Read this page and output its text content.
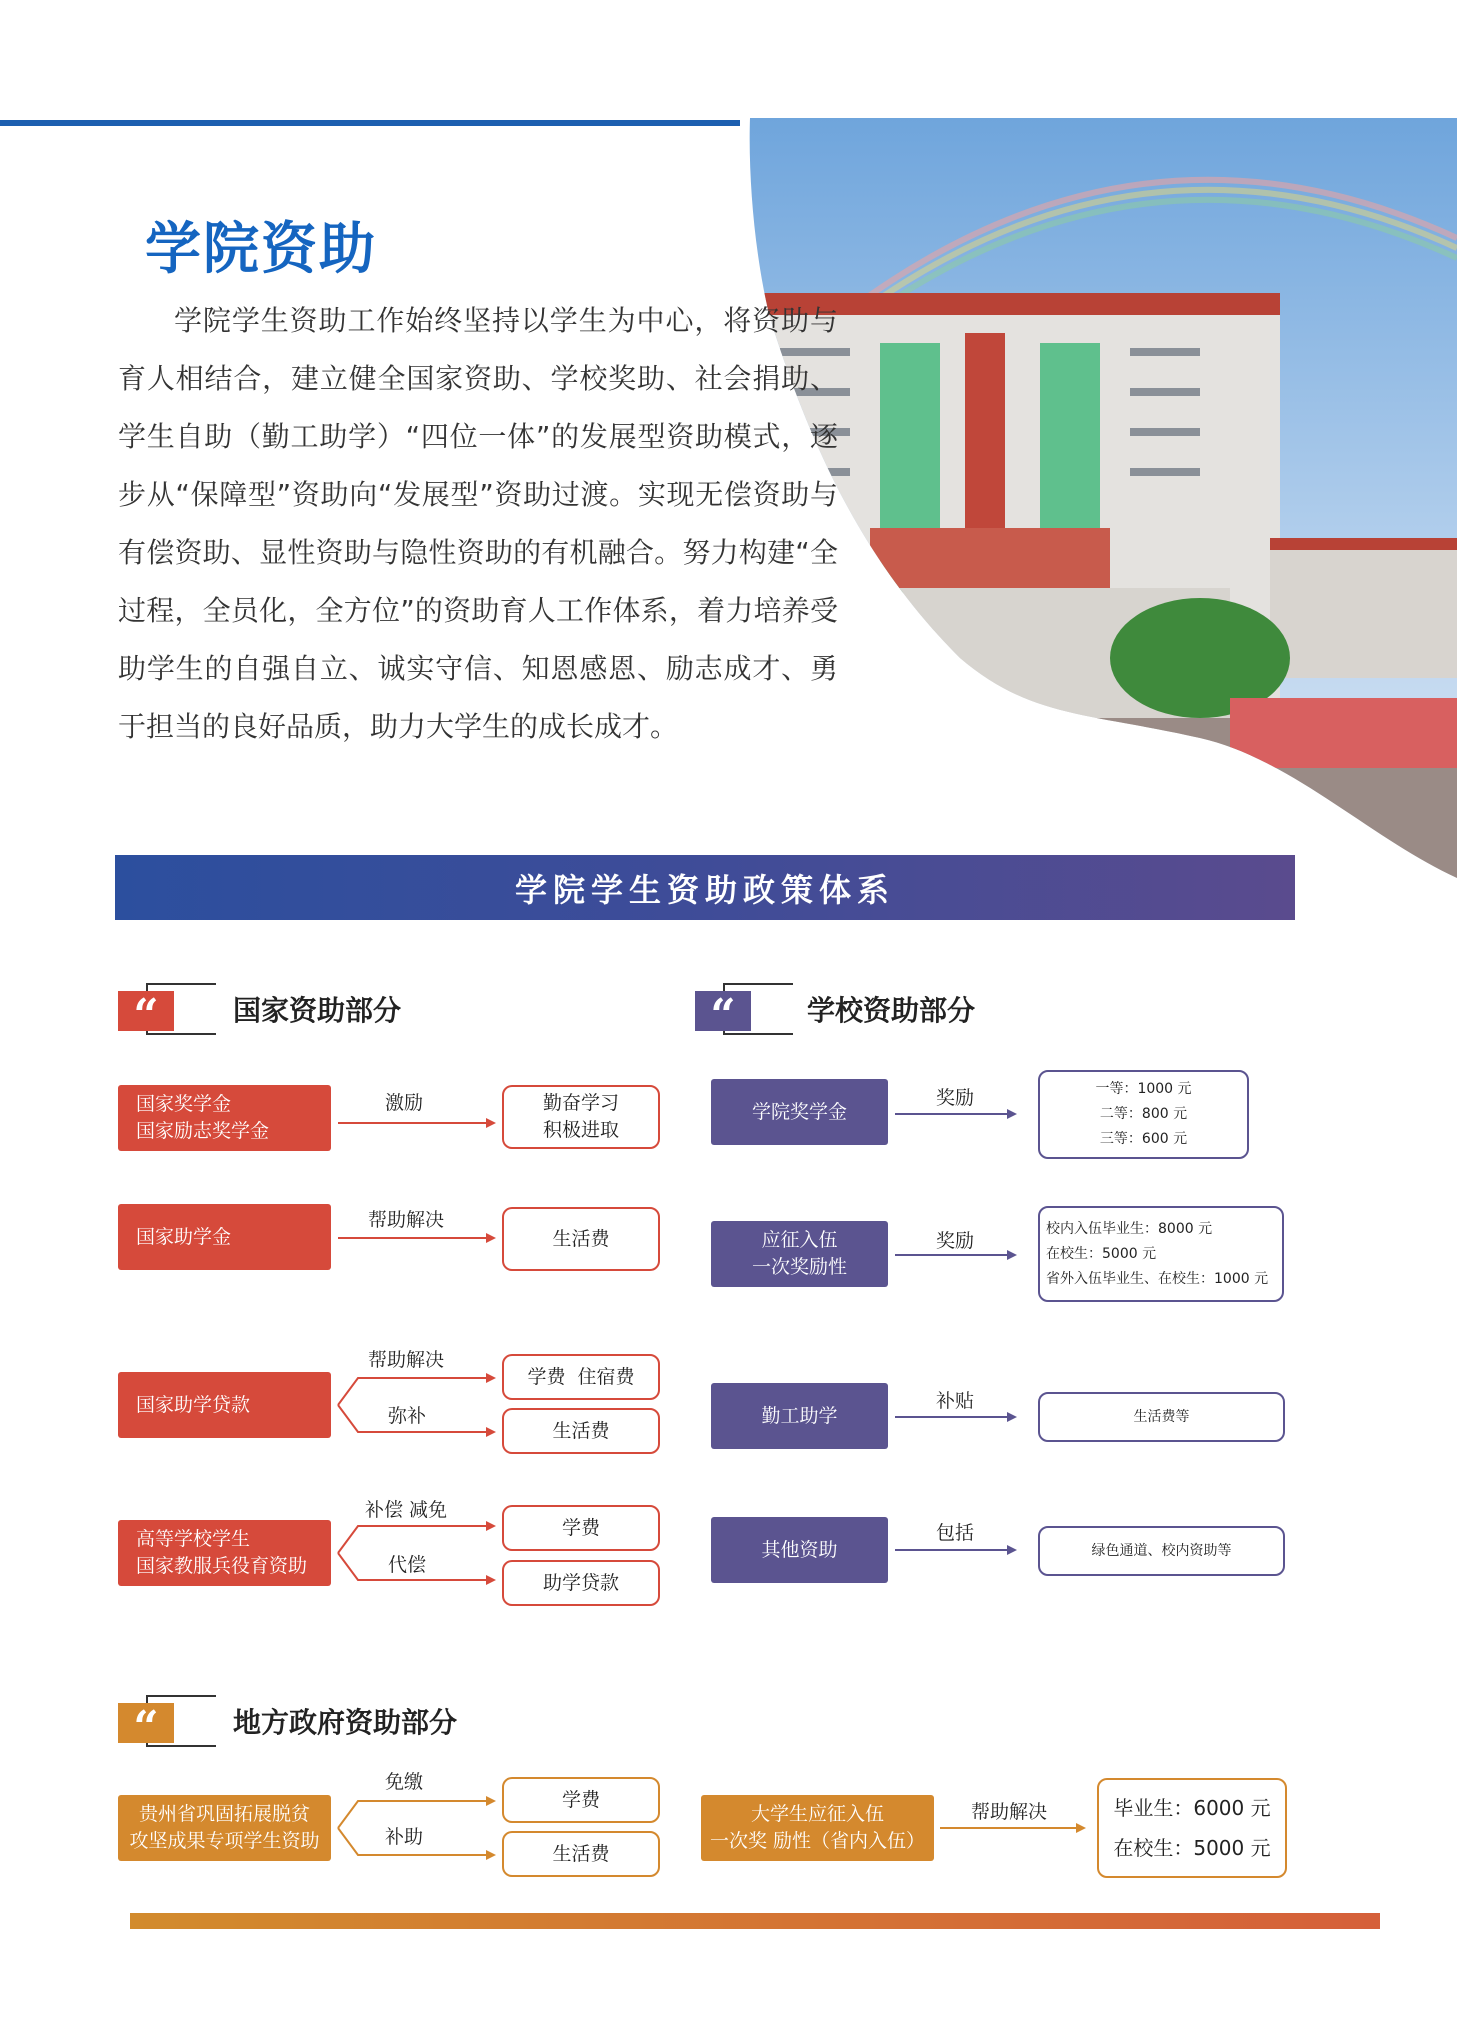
学院资助

学院学生资助工作始终坚持以学生为中心，将资助与育人相结合，建立健全国家资助、学校奖助、社会捐助、学生自助（勤工助学）“四位一体”的发展型资助模式，逐步从“保障型”资助向“发展型”资助过渡。实现无偿资助与有偿资助、显性资助与隐性资助的有机融合。努力构建“全过程，全员化，全方位”的资助育人工作体系，着力培养受助学生的自强自立、诚实守信、知恩感恩、励志成才、勇于担当的良好品质，助力大学生的成长成才。

学院学生资助政策体系
“	国家资助部分	“	学校资助部分
国家奖学金
国家励志奖学金
激励	勤奋学习
积极进取
国家助学金
帮助解决
生活费
国家助学贷款
帮助解决
弥补
学费  住宿费
生活费
高等学校学生
国家教服兵役育资助
补偿 减免
代偿
学费
助学贷款
学院奖学金
奖励	一等：1000 元
二等：800 元
三等：600 元
应征入伍
一次奖励性
奖励
校内入伍毕业生：8000 元
在校生：5000 元
省外入伍毕业生、在校生：1000 元
勤工助学
补贴
生活费等
其他资助
包括
绿色通道、校内资助等
“	地方政府资助部分
贵州省巩固拓展脱贫
攻坚成果专项学生资助
免缴
补助
学费
生活费
大学生应征入伍
一次奖 励性（省内入伍）
帮助解决	毕业生：6000 元
在校生：5000 元
